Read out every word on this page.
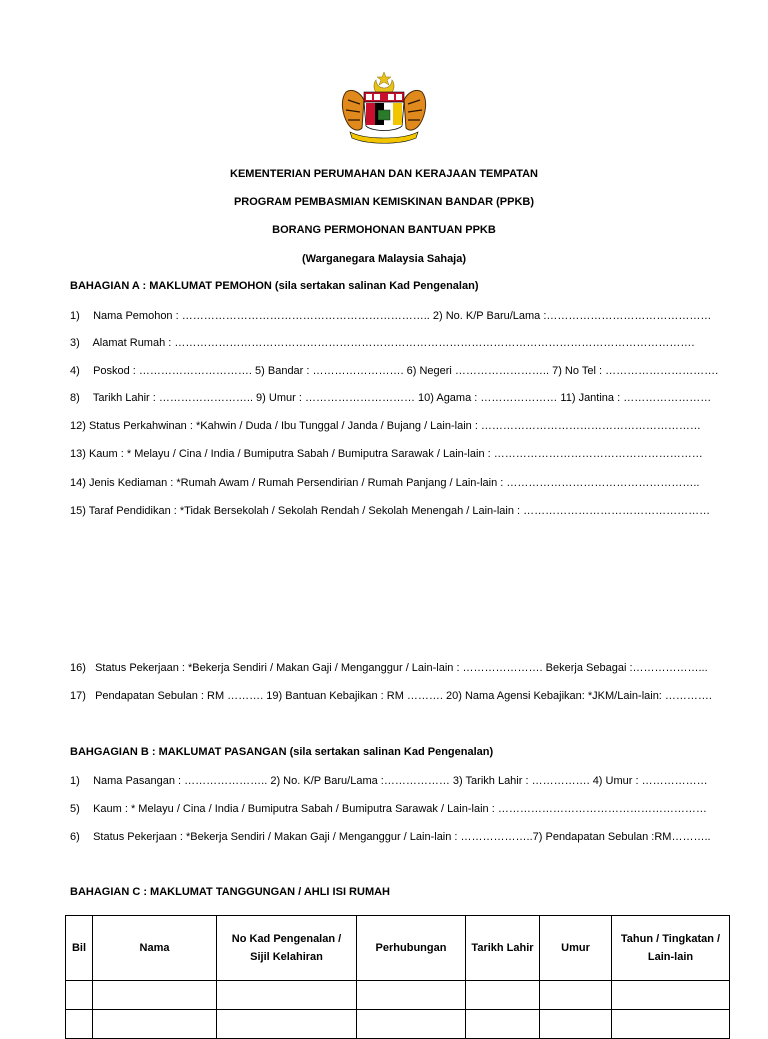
KEMENTERIAN PERUMAHAN DAN KERAJAAN TEMPATAN
PROGRAM PEMBASMIAN KEMISKINAN BANDAR (PPKB)
BORANG PERMOHONAN BANTUAN PPKB
(Warganegara Malaysia Sahaja)
BAHAGIAN A : MAKLUMAT PEMOHON (sila sertakan salinan Kad Pengenalan)
1) Nama Pemohon : ………………………………………………………….. 2) No. K/P Baru/Lama :………………………………………
3) Alamat Rumah : …………………………………………………………………………………………………………………………….
4) Poskod : …………………………. 5) Bandar : ……………………. 6) Negeri …………………….. 7) No Tel : ………………………….
8) Tarikh Lahir : …………………….. 9) Umur : ………………………… 10) Agama : ………………… 11) Jantina : ……………………
12) Status Perkahwinan : *Kahwin / Duda / Ibu Tunggal / Janda / Bujang / Lain-lain : ……………………………………………………
13) Kaum : * Melayu / Cina / India / Bumiputra Sabah / Bumiputra Sarawak / Lain-lain : …………………………………………………
14) Jenis Kediaman : *Rumah Awam / Rumah Persendirian / Rumah Panjang / Lain-lain : ……………………………………………..
15) Taraf Pendidikan : *Tidak Bersekolah / Sekolah Rendah / Sekolah Menengah / Lain-lain : ……………………………………………
16) Status Pekerjaan : *Bekerja Sendiri / Makan Gaji / Menganggur / Lain-lain : …………………. Bekerja Sebagai :………………...
17) Pendapatan Sebulan : RM ………. 19) Bantuan Kebajikan : RM ………. 20) Nama Agensi Kebajikan: *JKM/Lain-lain: ………….
BAHGAGIAN B : MAKLUMAT PASANGAN (sila sertakan salinan Kad Pengenalan)
1) Nama Pasangan : ………………….. 2) No. K/P Baru/Lama :……………… 3) Tarikh Lahir : ……………. 4) Umur : ………………
5) Kaum : * Melayu / Cina / India / Bumiputra Sabah / Bumiputra Sarawak / Lain-lain : …………………………………………………
6) Status Pekerjaan : *Bekerja Sendiri / Makan Gaji / Menganggur / Lain-lain : ………………..7) Pendapatan Sebulan :RM………..
BAHAGIAN C : MAKLUMAT TANGGUNGAN / AHLI ISI RUMAH
Bil	Nama	No Kad Pengenalan / Sijil Kelahiran	Perhubungan	Tarikh Lahir	Umur	Tahun / Tingkatan / Lain-lain
